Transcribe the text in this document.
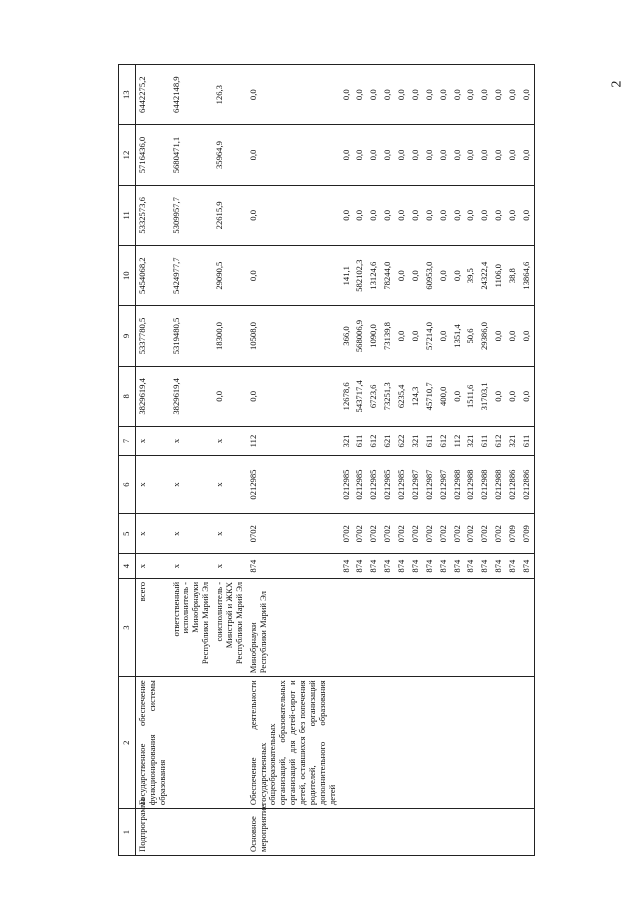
2
1	2	3	4	5	6	7	8	9	10	11	12	13
Подпрограмма	Государственное обеспечение функционирования системы образования	всего	x	x	x	x	3829619,4	5337780,5	5454068,2	5332573,6	5716436,0	6442275,2
		ответственный исполнитель - Минобрнауки Республики Марий Эл	x	x	x	x	3829619,4	5319480,5	5424977,7	5309957,7	5680471,1	6442148,9
		соисполнитель - Минстрой и ЖКХ Республики Марий Эл	x	x	x	x	0,0	18300,0	29090,5	22615,9	35964,9	126,3
Основное мероприятие	Обеспечение деятельности государственных общеобразовательных организаций, образовательных организаций для детей-сирот и детей, оставшихся без попечения родителей, организаций дополнительного образования детей	Минобрнауки Республики Марий Эл	874	0702	0212985	112	0,0	10508,0	0,0	0,0	0,0	0,0
			874	0702	0212985	321	12678,6	366,0	141,1	0,0	0,0	0,0
			874	0702	0212985	611	543717,4	568006,9	582102,3	0,0	0,0	0,0
			874	0702	0212985	612	6723,6	1090,0	13124,6	0,0	0,0	0,0
			874	0702	0212985	621	73251,3	73139,8	78244,0	0,0	0,0	0,0
			874	0702	0212985	622	6235,4	0,0	0,0	0,0	0,0	0,0
			874	0702	0212987	321	124,3	0,0	0,0	0,0	0,0	0,0
			874	0702	0212987	611	45710,7	57214,0	60953,0	0,0	0,0	0,0
			874	0702	0212987	612	400,0	0,0	0,0	0,0	0,0	0,0
			874	0702	0212988	112	0,0	1351,4	0,0	0,0	0,0	0,0
			874	0702	0212988	321	1511,6	50,6	39,5	0,0	0,0	0,0
			874	0702	0212988	611	31703,1	29386,0	24322,4	0,0	0,0	0,0
			874	0702	0212988	612	0,0	0,0	1106,0	0,0	0,0	0,0
			874	0709	0212886	321	0,0	0,0	38,8	0,0	0,0	0,0
			874	0709	0212886	611	0,0	0,0	13864,6	0,0	0,0	0,0
